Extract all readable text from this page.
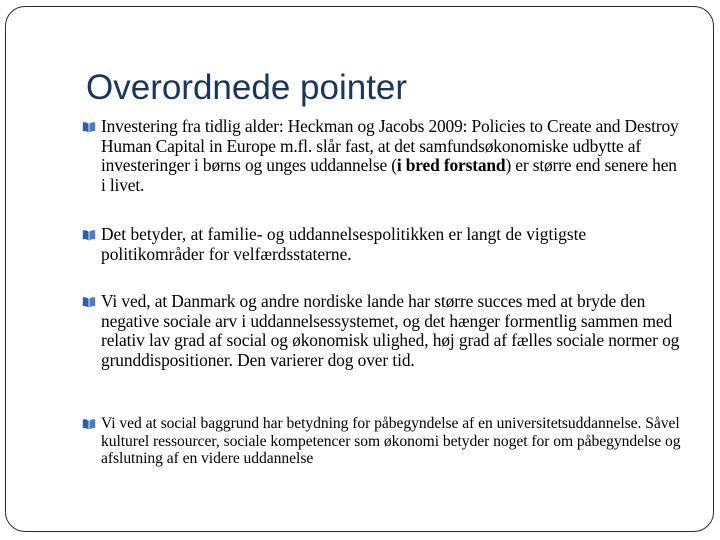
Overordnede pointer
Investering fra tidlig alder: Heckman og Jacobs 2009: Policies to Create and Destroy Human Capital in Europe m.fl. slår fast, at det samfundsøkonomiske udbytte af investeringer i børns og unges uddannelse (i bred forstand) er større end senere hen i livet.
Det betyder, at familie- og uddannelsespolitikken er langt de vigtigste politikområder for velfærdsstaterne.
Vi ved, at Danmark og andre nordiske lande har større succes med at bryde den negative sociale arv i uddannelsessystemet, og det hænger formentlig sammen med relativ lav grad af social og økonomisk ulighed, høj grad af fælles sociale normer og grunddispositioner. Den varierer dog over tid.
Vi ved at social baggrund har betydning for påbegyndelse af en universitetsuddannelse. Såvel kulturel ressourcer, sociale kompetencer som økonomi betyder noget for om påbegyndelse og afslutning af en videre uddannelse
